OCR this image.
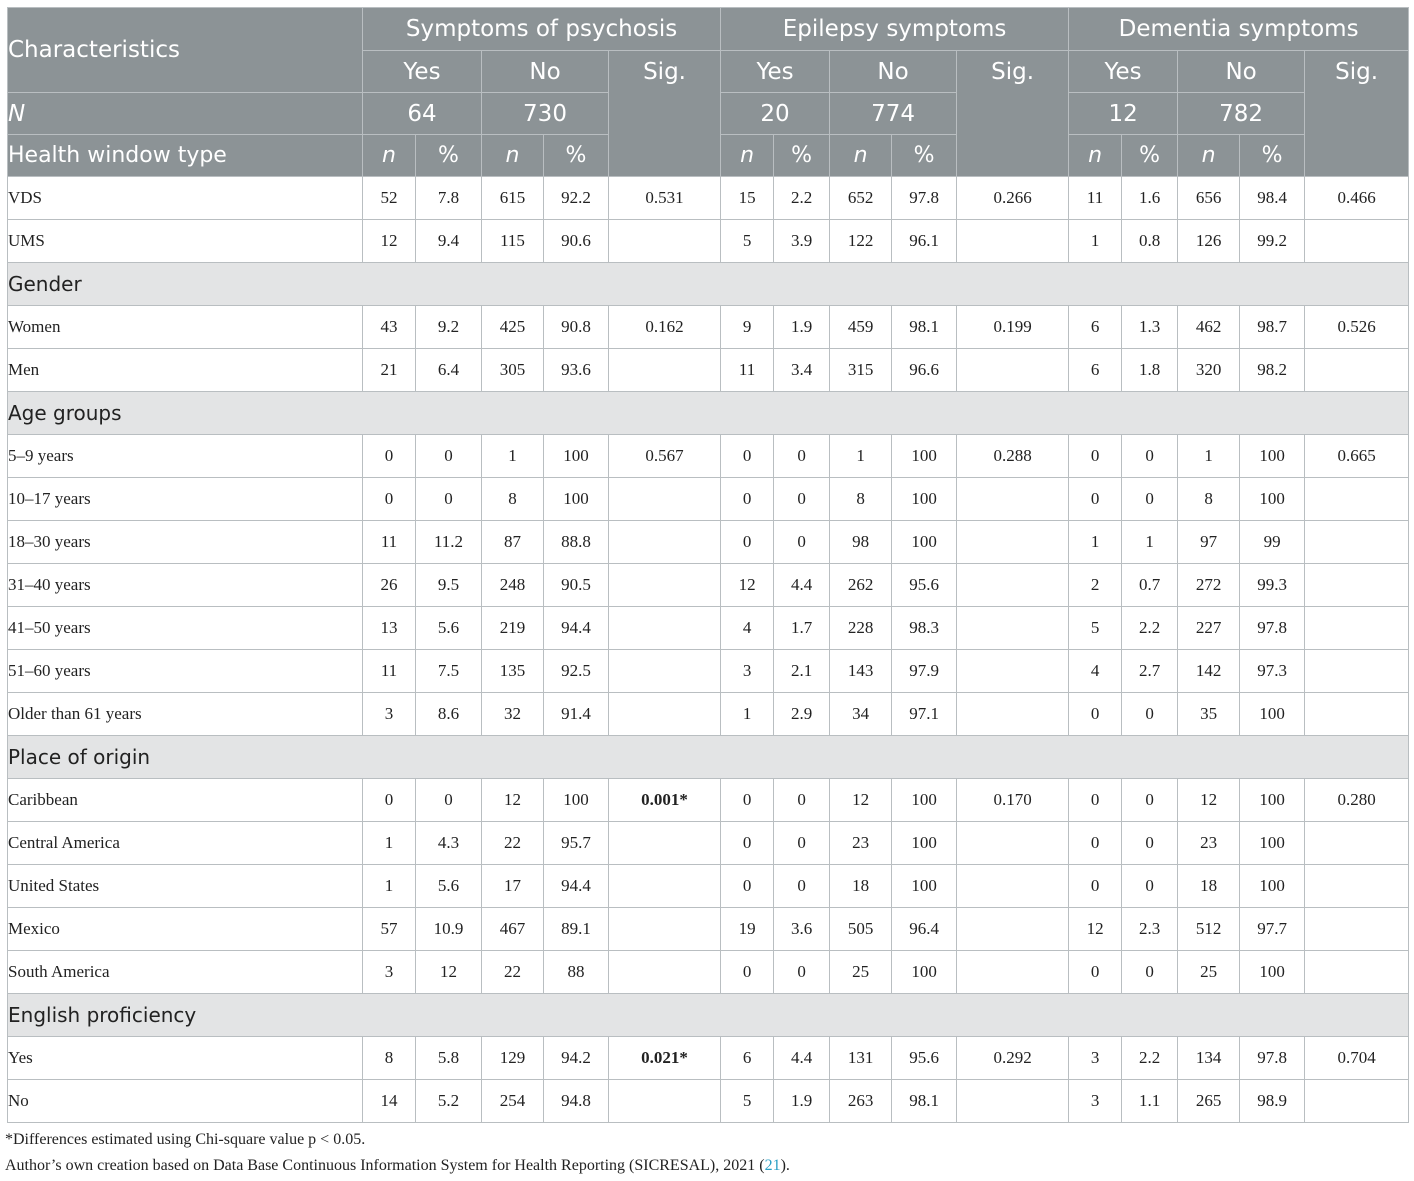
Characteristics	Symptoms of psychosis					Epilepsy symptoms					Dementia symptoms				
	Yes		No		Sig.	Yes		No		Sig.	Yes		No		Sig.
N	64		730			20		774			12		782		
Health window type	n	%	n	%		n	%	n	%		n	%	n	%	
VDS	52	7.8	615	92.2	0.531	15	2.2	652	97.8	0.266	11	1.6	656	98.4	0.466
UMS	12	9.4	115	90.6		5	3.9	122	96.1		1	0.8	126	99.2	
Gender															
Women	43	9.2	425	90.8	0.162	9	1.9	459	98.1	0.199	6	1.3	462	98.7	0.526
Men	21	6.4	305	93.6		11	3.4	315	96.6		6	1.8	320	98.2	
Age groups															
5–9 years	0	0	1	100	0.567	0	0	1	100	0.288	0	0	1	100	0.665
10–17 years	0	0	8	100		0	0	8	100		0	0	8	100	
18–30 years	11	11.2	87	88.8		0	0	98	100		1	1	97	99	
31–40 years	26	9.5	248	90.5		12	4.4	262	95.6		2	0.7	272	99.3	
41–50 years	13	5.6	219	94.4		4	1.7	228	98.3		5	2.2	227	97.8	
51–60 years	11	7.5	135	92.5		3	2.1	143	97.9		4	2.7	142	97.3	
Older than 61 years	3	8.6	32	91.4		1	2.9	34	97.1		0	0	35	100	
Place of origin															
Caribbean	0	0	12	100	0.001*	0	0	12	100	0.170	0	0	12	100	0.280
Central America	1	4.3	22	95.7		0	0	23	100		0	0	23	100	
United States	1	5.6	17	94.4		0	0	18	100		0	0	18	100	
Mexico	57	10.9	467	89.1		19	3.6	505	96.4		12	2.3	512	97.7	
South America	3	12	22	88		0	0	25	100		0	0	25	100	
English proficiency															
Yes	8	5.8	129	94.2	0.021*	6	4.4	131	95.6	0.292	3	2.2	134	97.8	0.704
No	14	5.2	254	94.8		5	1.9	263	98.1		3	1.1	265	98.9	
*Differences estimated using Chi-square value p < 0.05.
Author’s own creation based on Data Base Continuous Information System for Health Reporting (SICRESAL), 2021 (21).
